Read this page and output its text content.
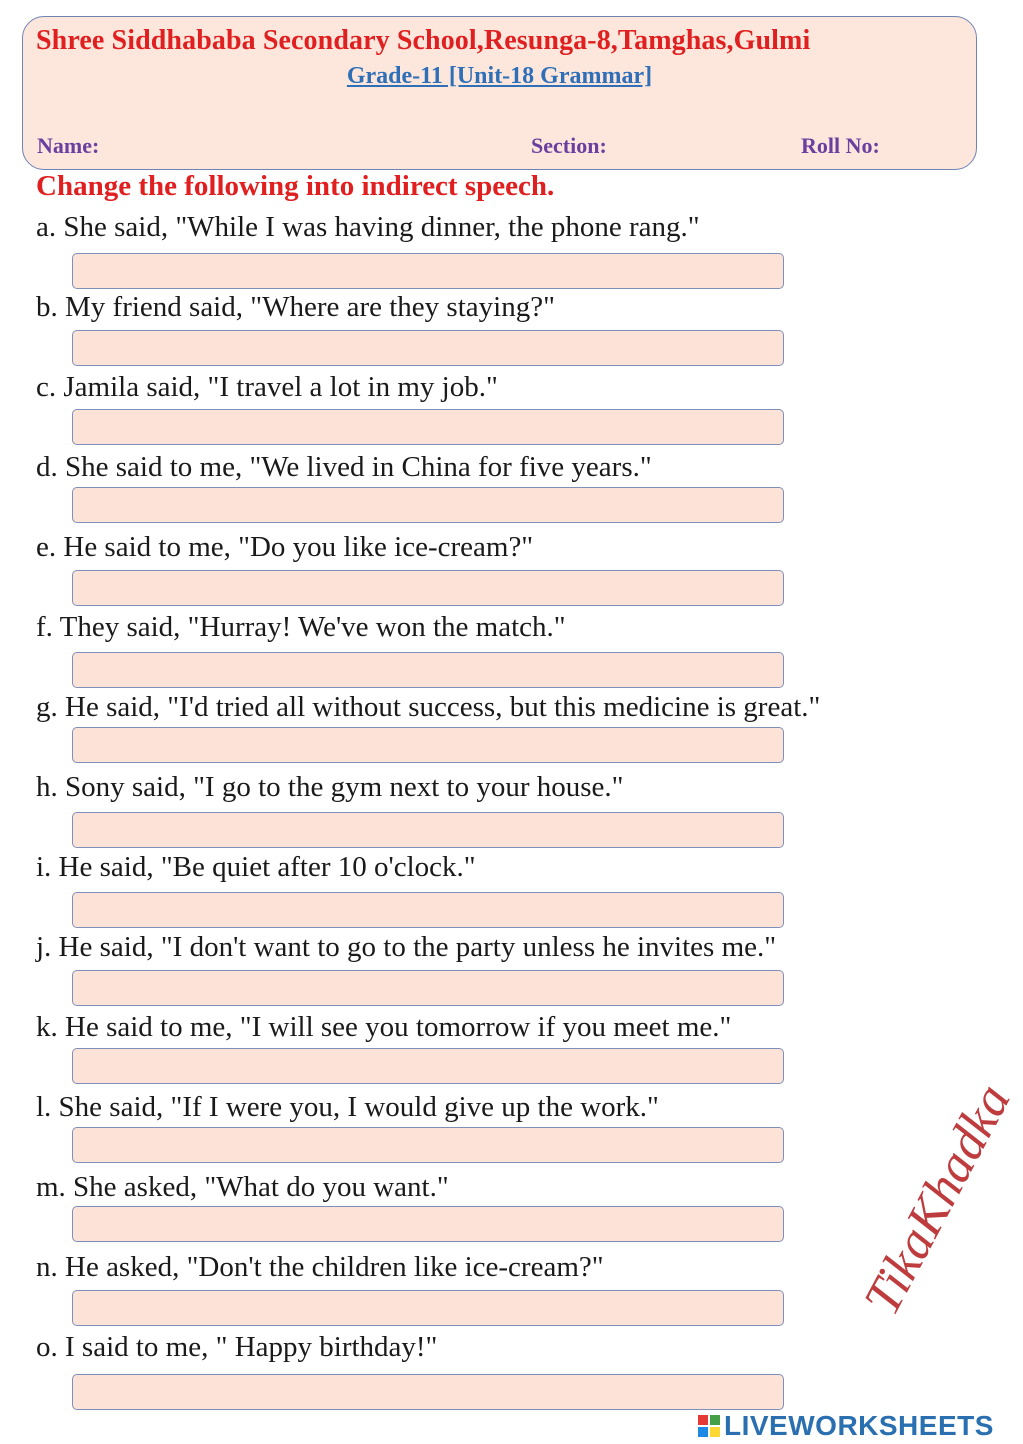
Shree Siddhababa Secondary School,Resunga-8,Tamghas,Gulmi
Grade-11 [Unit-18 Grammar]
Name:	Section:	Roll No:
Change the following into indirect speech.
a. She said, "While I was having dinner, the phone rang."
b. My friend said, "Where are they staying?"
c. Jamila said, "I travel a lot in my job."
d. She said to me, "We lived in China for five years."
e. He said to me, "Do you like ice-cream?"
f. They said, "Hurray! We've won the match."
g. He said, "I'd tried all without success, but this medicine is great."
h. Sony said, "I go to the gym next to your house."
i. He said, "Be quiet after 10 o'clock."
j. He said, "I don't want to go to the party unless he invites me."
k. He said to me, "I will see you tomorrow if you meet me."
l. She said, "If I were you, I would give up the work."
m. She asked, "What do you want."
n. He asked, "Don't the children like ice-cream?"
o. I said to me, " Happy birthday!"
TikaKhadka
LIVEWORKSHEETS
